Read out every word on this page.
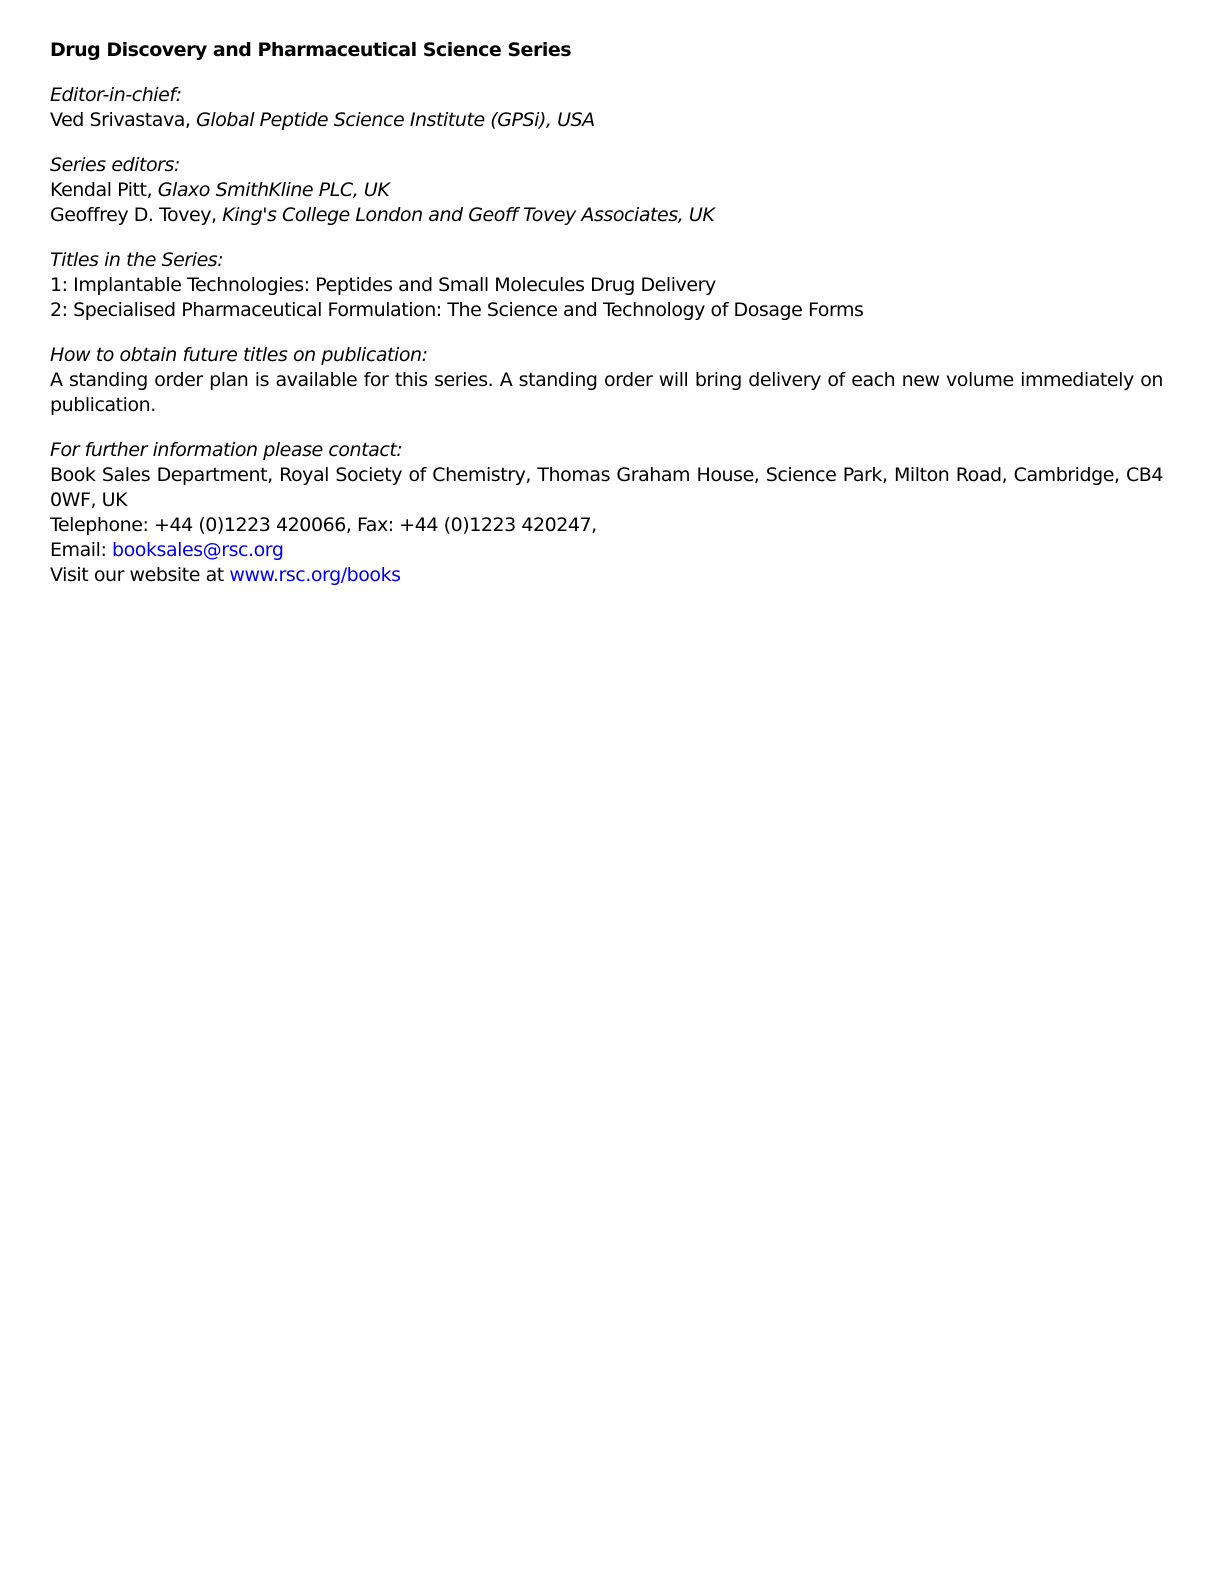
Drug Discovery and Pharmaceutical Science Series
Editor-in-chief:
Ved Srivastava, Global Peptide Science Institute (GPSi), USA
Series editors:
Kendal Pitt, Glaxo SmithKline PLC, UK
Geoffrey D. Tovey, King's College London and Geoff Tovey Associates, UK
Titles in the Series:
1: Implantable Technologies: Peptides and Small Molecules Drug Delivery
2: Specialised Pharmaceutical Formulation: The Science and Technology of Dosage Forms
How to obtain future titles on publication:
A standing order plan is available for this series. A standing order will bring delivery of each new volume immediately on publication.
For further information please contact:
Book Sales Department, Royal Society of Chemistry, Thomas Graham House, Science Park, Milton Road, Cambridge, CB4 0WF, UK
Telephone: +44 (0)1223 420066, Fax: +44 (0)1223 420247,
Email: booksales@rsc.org
Visit our website at www.rsc.org/books
